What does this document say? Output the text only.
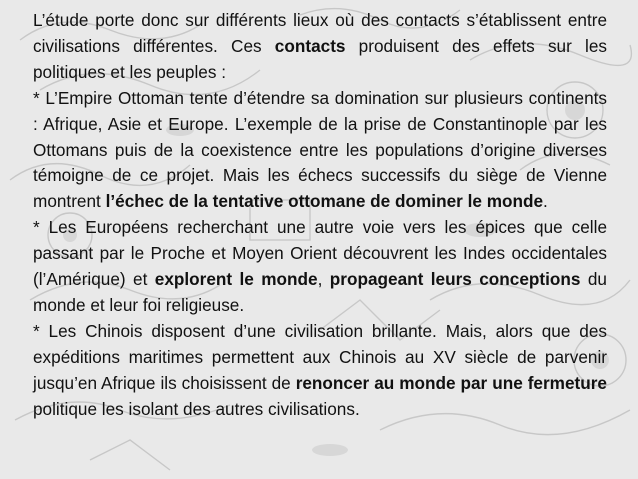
L’étude porte donc sur différents lieux où des contacts s’établissent entre civilisations différentes. Ces contacts produisent des effets sur les politiques et les peuples :

* L’Empire Ottoman tente d’étendre sa domination sur plusieurs continents : Afrique, Asie et Europe. L’exemple de la prise de Constantinople par les Ottomans puis de la coexistence entre les populations d’origine diverses témoigne de ce projet. Mais les échecs successifs du siège de Vienne montrent l’échec de la tentative ottomane de dominer le monde.

* Les Européens recherchant une autre voie vers les épices que celle passant par le Proche et Moyen Orient découvrent les Indes occidentales (l’Amérique) et explorent le monde, propageant leurs conceptions du monde et leur foi religieuse.

* Les Chinois disposent d’une civilisation brillante. Mais, alors que des expéditions maritimes permettent aux Chinois au XV siècle de parvenir jusqu’en Afrique ils choisissent de renoncer au monde par une fermeture politique les isolant des autres civilisations.
